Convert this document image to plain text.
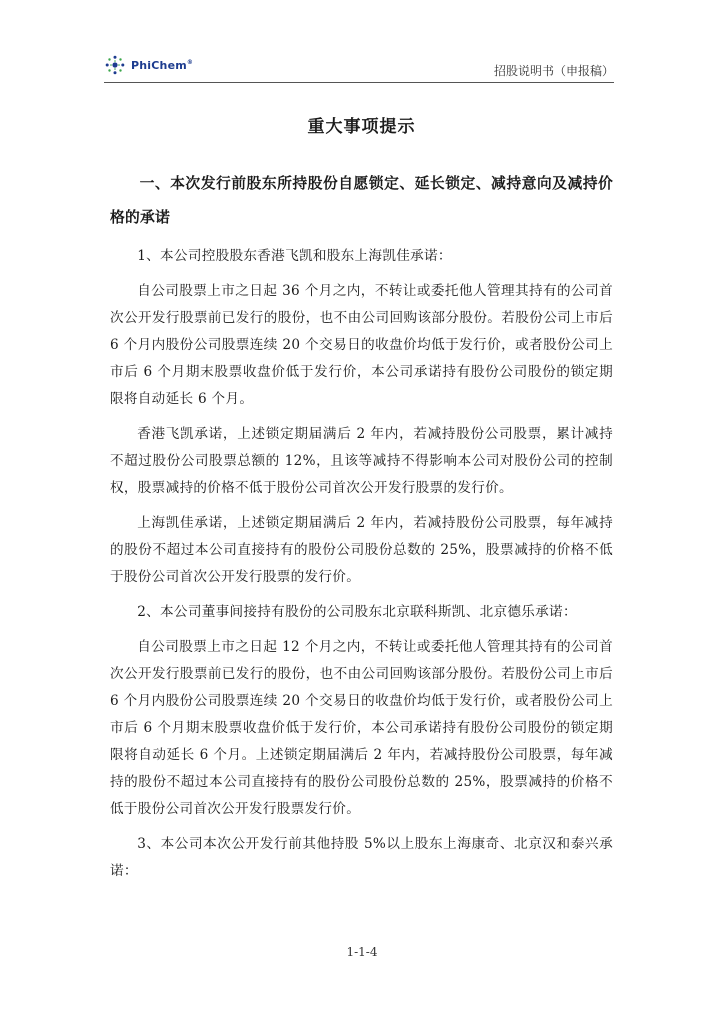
PhiChem®
招股说明书（申报稿）
重大事项提示
一、本次发行前股东所持股份自愿锁定、延长锁定、减持意向及减持价格的承诺

1、本公司控股股东香港飞凯和股东上海凯佳承诺：

自公司股票上市之日起 36 个月之内，不转让或委托他人管理其持有的公司首次公开发行股票前已发行的股份，也不由公司回购该部分股份。若股份公司上市后 6 个月内股份公司股票连续 20 个交易日的收盘价均低于发行价，或者股份公司上市后 6 个月期末股票收盘价低于发行价，本公司承诺持有股份公司股份的锁定期限将自动延长 6 个月。

香港飞凯承诺，上述锁定期届满后 2 年内，若减持股份公司股票，累计减持不超过股份公司股票总额的 12%，且该等减持不得影响本公司对股份公司的控制权，股票减持的价格不低于股份公司首次公开发行股票的发行价。

上海凯佳承诺，上述锁定期届满后 2 年内，若减持股份公司股票，每年减持的股份不超过本公司直接持有的股份公司股份总数的 25%，股票减持的价格不低于股份公司首次公开发行股票的发行价。

2、本公司董事间接持有股份的公司股东北京联科斯凯、北京德乐承诺：

自公司股票上市之日起 12 个月之内，不转让或委托他人管理其持有的公司首次公开发行股票前已发行的股份，也不由公司回购该部分股份。若股份公司上市后 6 个月内股份公司股票连续 20 个交易日的收盘价均低于发行价，或者股份公司上市后 6 个月期末股票收盘价低于发行价，本公司承诺持有股份公司股份的锁定期限将自动延长 6 个月。上述锁定期届满后 2 年内，若减持股份公司股票，每年减持的股份不超过本公司直接持有的股份公司股份总数的 25%，股票减持的价格不低于股份公司首次公开发行股票发行价。

3、本公司本次公开发行前其他持股 5%以上股东上海康奇、北京汉和泰兴承诺：

1-1-4
